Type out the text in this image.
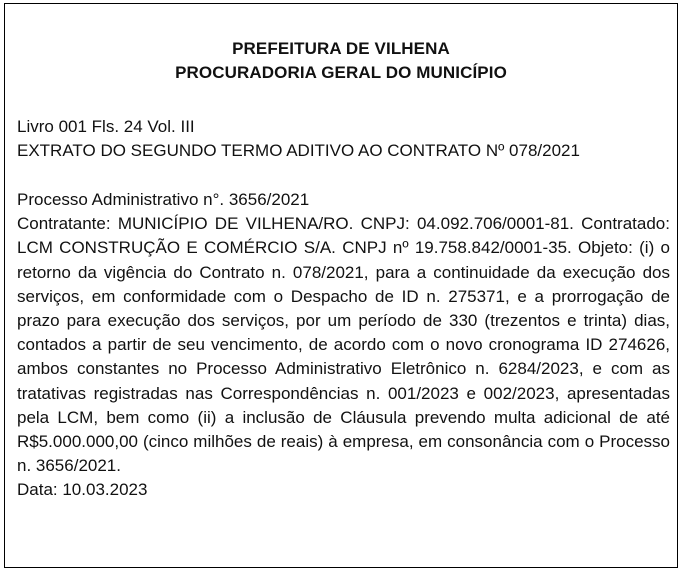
PREFEITURA DE VILHENA
PROCURADORIA GERAL DO MUNICÍPIO
Livro 001 Fls. 24 Vol. III
EXTRATO DO SEGUNDO TERMO ADITIVO AO CONTRATO Nº 078/2021

Processo Administrativo n°. 3656/2021

Contratante: MUNICÍPIO DE VILHENA/RO. CNPJ: 04.092.706/0001-81. Contratado: LCM CONSTRUÇÃO E COMÉRCIO S/A. CNPJ nº 19.758.842/0001-35. Objeto: (i) o retorno da vigência do Contrato n. 078/2021, para a continuidade da execução dos serviços, em conformidade com o Despacho de ID n. 275371, e a prorrogação de prazo para execução dos serviços, por um período de 330 (trezentos e trinta) dias, contados a partir de seu vencimento, de acordo com o novo cronograma ID 274626, ambos constantes no Processo Administrativo Eletrônico n. 6284/2023, e com as tratativas registradas nas Correspondências n. 001/2023 e 002/2023, apresentadas pela LCM, bem como (ii) a inclusão de Cláusula prevendo multa adicional de até R$5.000.000,00 (cinco milhões de reais) à empresa, em consonância com o Processo n. 3656/2021.

Data: 10.03.2023
